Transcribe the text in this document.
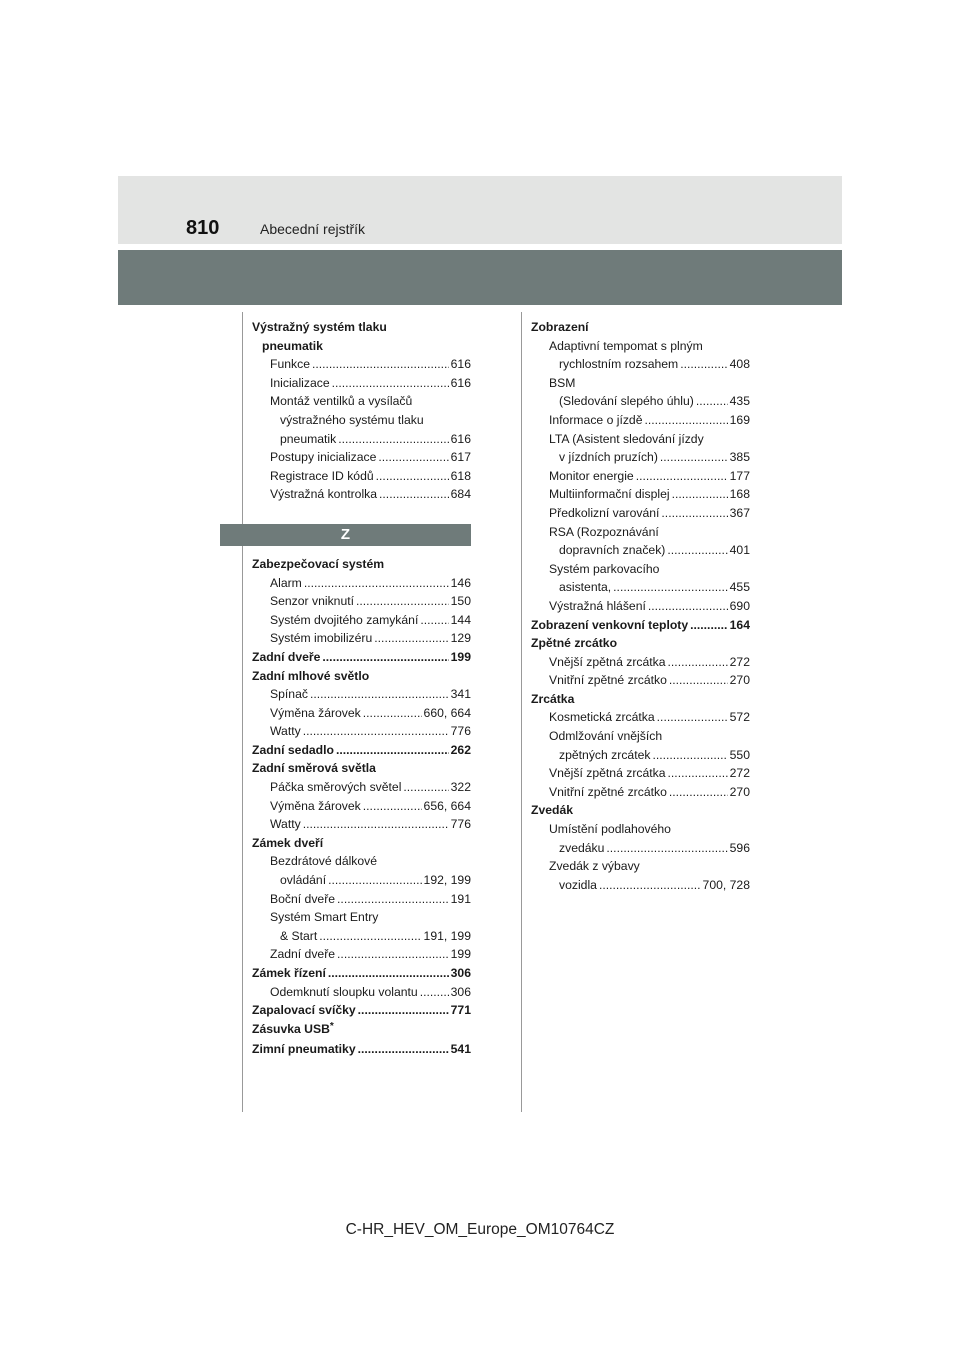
810	Abecední rejstřík
Výstražný systém tlaku
pneumatik
Funkce .....	616
Inicializace .....	616
Montáž ventilků a vysílačů
výstražného systému tlaku
pneumatik .....	616
Postupy inicializace .....	617
Registrace ID kódů .....	618
Výstražná kontrolka .....	684
Z
Zabezpečovací systém
Alarm .....	146
Senzor vniknutí .....	150
Systém dvojitého zamykání .....	144
Systém imobilizéru .....	129
Zadní dveře .....	199
Zadní mlhové světlo
Spínač .....	341
Výměna žárovek .....	660, 664
Watty .....	776
Zadní sedadlo .....	262
Zadní směrová světla
Páčka směrových světel .....	322
Výměna žárovek .....	656, 664
Watty .....	776
Zámek dveří
Bezdrátové dálkové
ovládání .....	192, 199
Boční dveře .....	191
Systém Smart Entry
& Start .....	191, 199
Zadní dveře .....	199
Zámek řízení .....	306
Odemknutí sloupku volantu .....	306
Zapalovací svíčky .....	771
Zásuvka USB *
Zimní pneumatiky .....	541
Zobrazení
Adaptivní tempomat s plným
rychlostním rozsahem .....	408
BSM
(Sledování slepého úhlu) .....	435
Informace o jízdě .....	169
LTA (Asistent sledování jízdy
v jízdních pruzích) .....	385
Monitor energie .....	177
Multiinformační displej .....	168
Předkolizní varování .....	367
RSA (Rozpoznávání
dopravních značek) .....	401
Systém parkovacího
asistenta, .....	455
Výstražná hlášení .....	690
Zobrazení venkovní teploty .....	164
Zpětné zrcátko
Vnější zpětná zrcátka .....	272
Vnitřní zpětné zrcátko .....	270
Zrcátka
Kosmetická zrcátka .....	572
Odmlžování vnějších
zpětných zrcátek .....	550
Vnější zpětná zrcátka .....	272
Vnitřní zpětné zrcátko .....	270
Zvedák
Umístění podlahového
zvedáku .....	596
Zvedák z výbavy
vozidla .....	700, 728
C-HR_HEV_OM_Europe_OM10764CZ
